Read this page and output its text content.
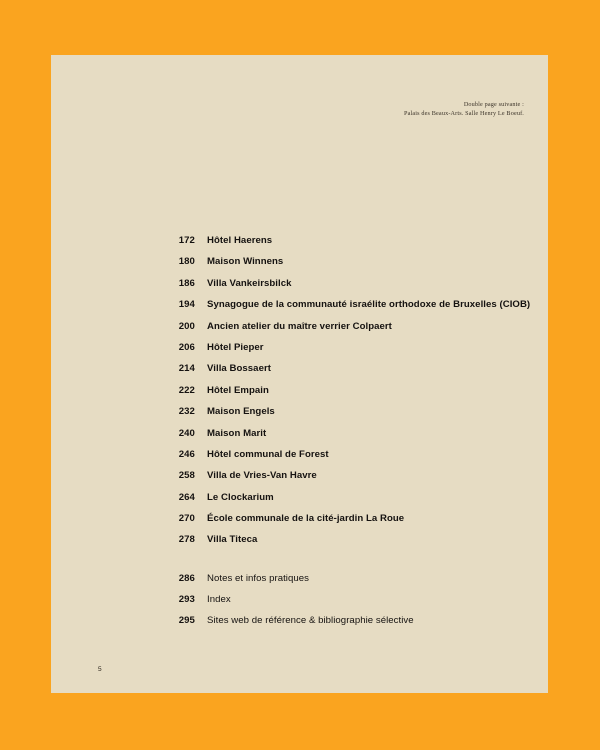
Double page suivante :
Palais des Beaux-Arts. Salle Henry Le Boeuf.
172 Hôtel Haerens
180 Maison Winnens
186 Villa Vankeirsbilck
194 Synagogue de la communauté israélite orthodoxe de Bruxelles (CIOB)
200 Ancien atelier du maître verrier Colpaert
206 Hôtel Pieper
214 Villa Bossaert
222 Hôtel Empain
232 Maison Engels
240 Maison Marit
246 Hôtel communal de Forest
258 Villa de Vries-Van Havre
264 Le Clockarium
270 École communale de la cité-jardin La Roue
278 Villa Titeca
286 Notes et infos pratiques
293 Index
295 Sites web de référence & bibliographie sélective
5
